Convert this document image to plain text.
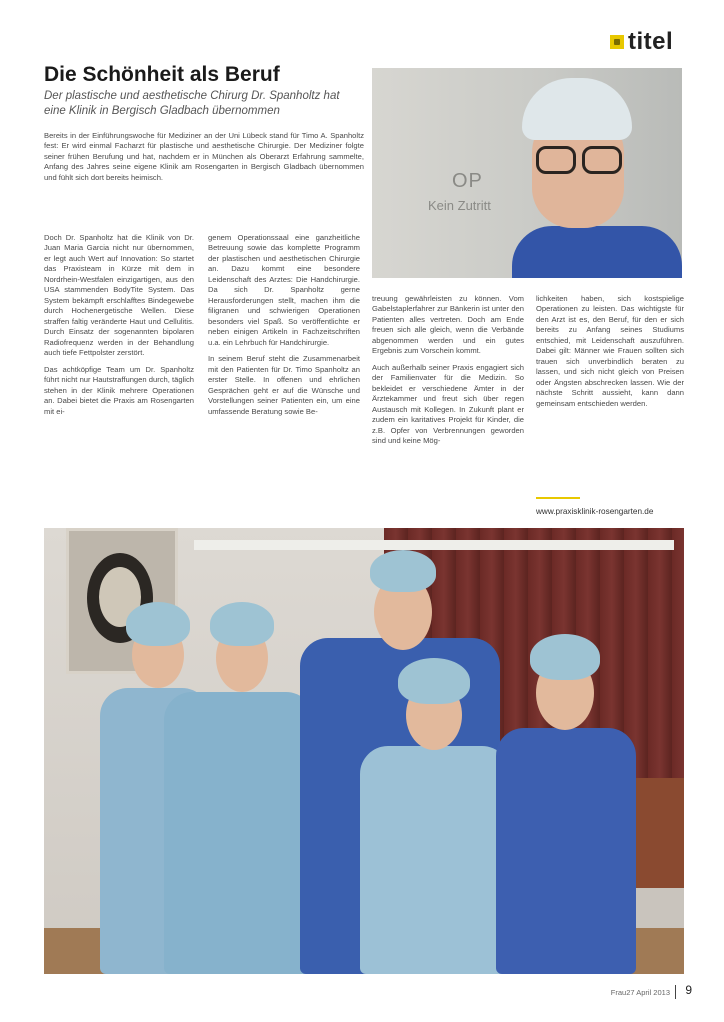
titel
Die Schönheit als Beruf
Der plastische und aesthetische Chirurg Dr. Spanholtz hat eine Klinik in Bergisch Gladbach übernommen

Bereits in der Einführungswoche für Mediziner an der Uni Lübeck stand für Timo A. Spanholtz fest: Er wird einmal Facharzt für plastische und aesthetische Chirurgie. Der Mediziner folgte seiner frühen Berufung und hat, nachdem er in München als Oberarzt Erfahrung sammelte, Anfang des Jahres seine eigene Klinik am Rosengarten in Bergisch Gladbach übernommen und fühlt sich dort bereits heimisch.

Doch Dr. Spanholtz hat die Klinik von Dr. Juan Maria Garcia nicht nur übernommen, er legt auch Wert auf Innovation: So startet das Praxisteam in Kürze mit dem in Nordrhein-Westfalen einzigartigen, aus den USA stammenden BodyTite System. Das System bekämpft erschlafftes Bindegewebe durch Hochenergetische Wellen. Diese straffen faltig veränderte Haut und Cellulitis. Durch Einsatz der sogenannten bipolaren Radiofrequenz werden in der Behandlung auch tiefe Fettpolster zerstört.

Das achtköpfige Team um Dr. Spanholtz führt nicht nur Hautstraffungen durch, täglich stehen in der Klinik mehrere Operationen an. Dabei bietet die Praxis am Rosengarten mit ei-

genem Operationssaal eine ganzheitliche Betreuung sowie das komplette Programm der plastischen und aesthetischen Chirurgie an. Dazu kommt eine besondere Leidenschaft des Arztes: Die Handchirurgie. Da sich Dr. Spanholtz gerne Herausforderungen stellt, machen ihm die filigranen und schwierigen Operationen besonders viel Spaß. So veröffentlichte er neben einigen Artikeln in Fachzeitschriften u.a. ein Lehrbuch für Handchirurgie.

In seinem Beruf steht die Zusammenarbeit mit den Patienten für Dr. Timo Spanholtz an erster Stelle. In offenen und ehrlichen Gesprächen geht er auf die Wünsche und Vorstellungen seiner Patienten ein, um eine umfassende Beratung sowie Be-

treuung gewährleisten zu können. Vom Gabelstaplerfahrer zur Bänkerin ist unter den Patienten alles vertreten. Doch am Ende freuen sich alle gleich, wenn die Verbände abgenommen werden und ein gutes Ergebnis zum Vorschein kommt.

Auch außerhalb seiner Praxis engagiert sich der Familienvater für die Medizin. So bekleidet er verschiedene Ämter in der Ärztekammer und freut sich über regen Austausch mit Kollegen. In Zukunft plant er zudem ein karitatives Projekt für Kinder, die z.B. Opfer von Verbrennungen geworden sind und keine Mög-

lichkeiten haben, sich kostspielige Operationen zu leisten. Das wichtigste für den Arzt ist es, den Beruf, für den er sich bereits zu Anfang seines Studiums entschied, mit Leidenschaft auszuführen. Dabei gilt: Männer wie Frauen sollten sich trauen sich unverbindlich beraten zu lassen, und sich nicht gleich von Preisen oder Ängsten abschrecken lassen. Wie der nächste Schritt aussieht, kann dann gemeinsam entschieden werden.

www.praxisklinik-rosengarten.de
OP
Kein Zutritt
Frau27 April 2013 9
